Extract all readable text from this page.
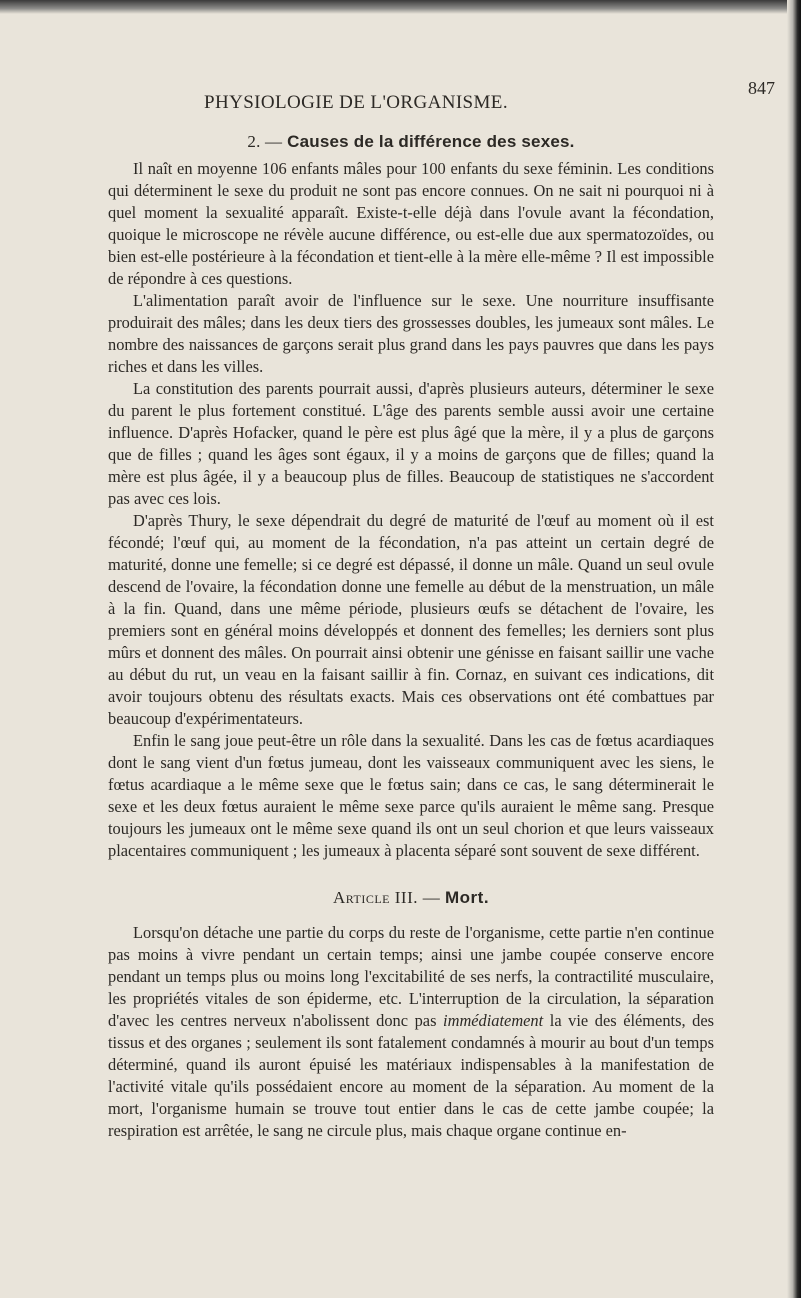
PHYSIOLOGIE DE L'ORGANISME.
847
2. — Causes de la différence des sexes.

Il naît en moyenne 106 enfants mâles pour 100 enfants du sexe féminin. Les conditions qui déterminent le sexe du produit ne sont pas encore connues. On ne sait ni pourquoi ni à quel moment la sexualité apparaît. Existe-t-elle déjà dans l'ovule avant la fécondation, quoique le microscope ne révèle aucune différence, ou est-elle due aux spermatozoïdes, ou bien est-elle postérieure à la fécondation et tient-elle à la mère elle-même ? Il est impossible de répondre à ces questions.

L'alimentation paraît avoir de l'influence sur le sexe. Une nourriture insuffisante produirait des mâles; dans les deux tiers des grossesses doubles, les jumeaux sont mâles. Le nombre des naissances de garçons serait plus grand dans les pays pauvres que dans les pays riches et dans les villes.

La constitution des parents pourrait aussi, d'après plusieurs auteurs, déterminer le sexe du parent le plus fortement constitué. L'âge des parents semble aussi avoir une certaine influence. D'après Hofacker, quand le père est plus âgé que la mère, il y a plus de garçons que de filles ; quand les âges sont égaux, il y a moins de garçons que de filles; quand la mère est plus âgée, il y a beaucoup plus de filles. Beaucoup de statistiques ne s'accordent pas avec ces lois.

D'après Thury, le sexe dépendrait du degré de maturité de l'œuf au moment où il est fécondé; l'œuf qui, au moment de la fécondation, n'a pas atteint un certain degré de maturité, donne une femelle; si ce degré est dépassé, il donne un mâle. Quand un seul ovule descend de l'ovaire, la fécondation donne une femelle au début de la menstruation, un mâle à la fin. Quand, dans une même période, plusieurs œufs se détachent de l'ovaire, les premiers sont en général moins développés et donnent des femelles; les derniers sont plus mûrs et donnent des mâles. On pourrait ainsi obtenir une génisse en faisant saillir une vache au début du rut, un veau en la faisant saillir à fin. Cornaz, en suivant ces indications, dit avoir toujours obtenu des résultats exacts. Mais ces observations ont été combattues par beaucoup d'expérimentateurs.

Enfin le sang joue peut-être un rôle dans la sexualité. Dans les cas de fœtus acardiaques dont le sang vient d'un fœtus jumeau, dont les vaisseaux communiquent avec les siens, le fœtus acardiaque a le même sexe que le fœtus sain; dans ce cas, le sang déterminerait le sexe et les deux fœtus auraient le même sexe parce qu'ils auraient le même sang. Presque toujours les jumeaux ont le même sexe quand ils ont un seul chorion et que leurs vaisseaux placentaires communiquent ; les jumeaux à placenta séparé sont souvent de sexe différent.

Article III. — Mort.

Lorsqu'on détache une partie du corps du reste de l'organisme, cette partie n'en continue pas moins à vivre pendant un certain temps; ainsi une jambe coupée conserve encore pendant un temps plus ou moins long l'excitabilité de ses nerfs, la contractilité musculaire, les propriétés vitales de son épiderme, etc. L'interruption de la circulation, la séparation d'avec les centres nerveux n'abolissent donc pas immédiatement la vie des éléments, des tissus et des organes ; seulement ils sont fatalement condamnés à mourir au bout d'un temps déterminé, quand ils auront épuisé les matériaux indispensables à la manifestation de l'activité vitale qu'ils possédaient encore au moment de la séparation. Au moment de la mort, l'organisme humain se trouve tout entier dans le cas de cette jambe coupée; la respiration est arrêtée, le sang ne circule plus, mais chaque organe continue en-
